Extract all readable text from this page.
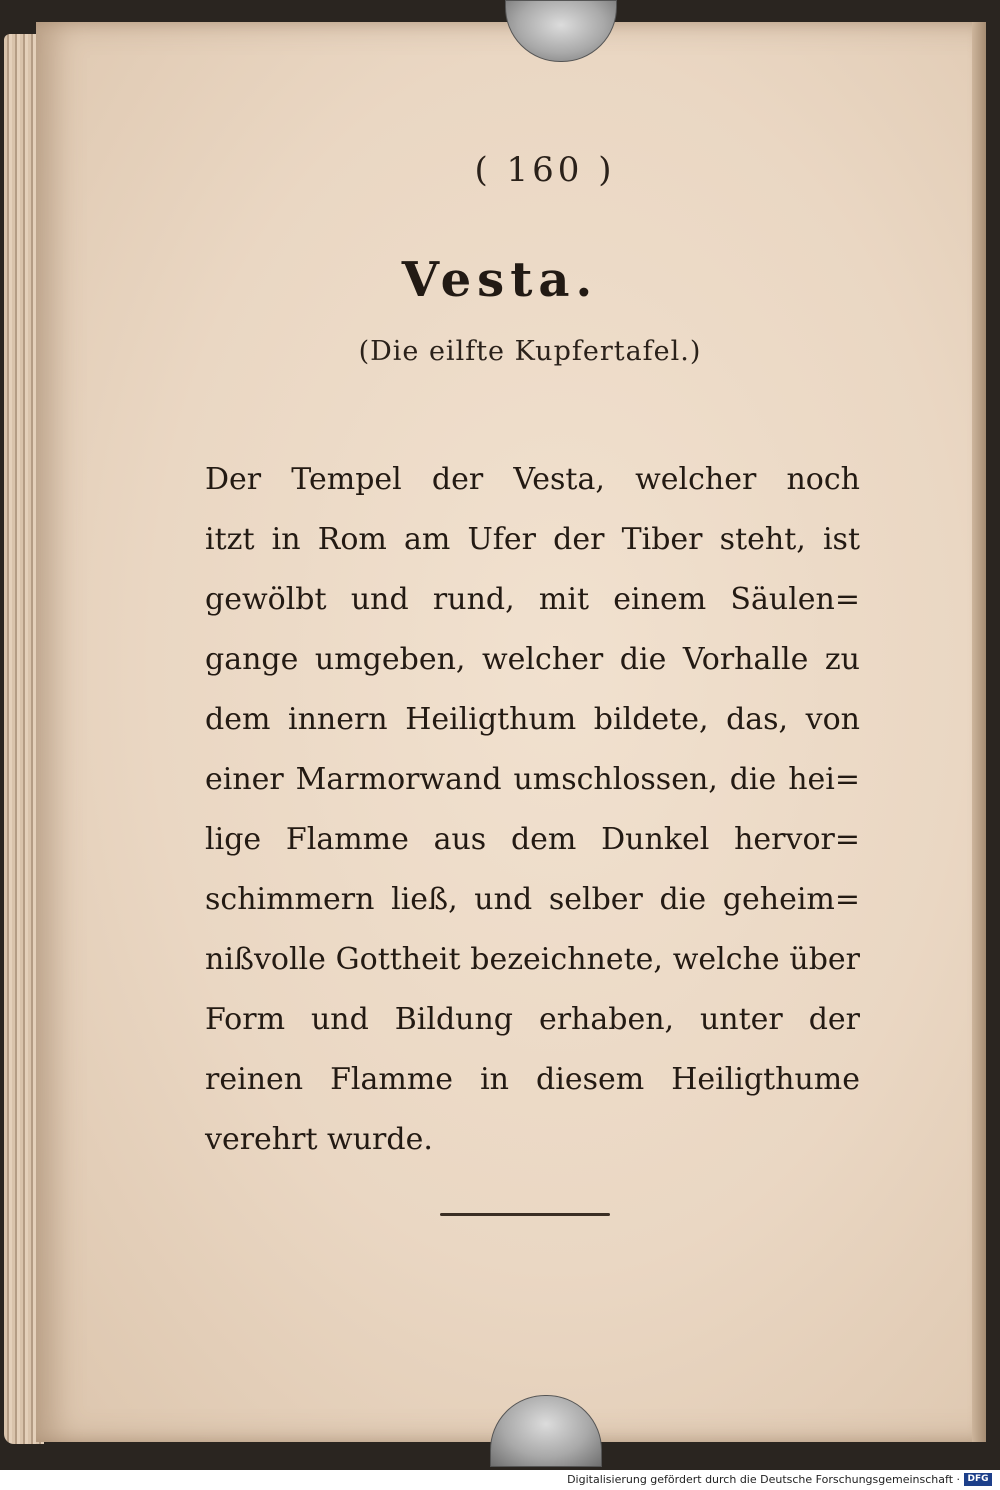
( 160 )
Vesta.
(Die eilfte Kupfertafel.)
Der Tempel der Vesta, welcher noch
itzt in Rom am Ufer der Tiber steht, ist
gewölbt und rund, mit einem Säulen=
gange umgeben, welcher die Vorhalle zu
dem innern Heiligthum bildete, das, von
einer Marmorwand umschlossen, die hei=
lige Flamme aus dem Dunkel hervor=
schimmern ließ, und selber die geheim=
nißvolle Gottheit bezeichnete, welche über
Form und Bildung erhaben, unter der
reinen Flamme in diesem Heiligthume
verehrt wurde.
Digitalisierung gefördert durch die Deutsche Forschungsgemeinschaft · DFG
